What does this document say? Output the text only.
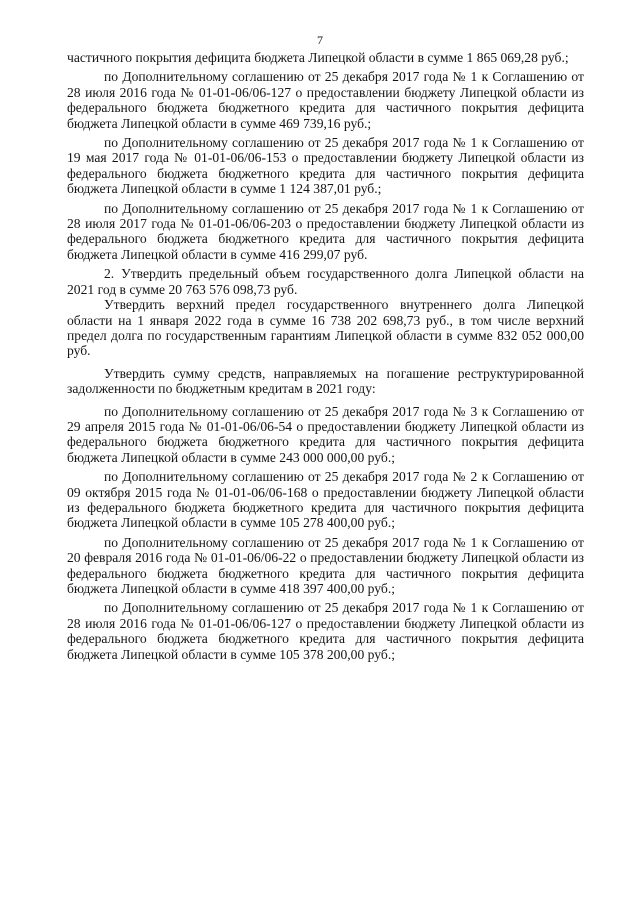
7

частичного покрытия дефицита бюджета Липецкой области в сумме 1 865 069,28 руб.;

по Дополнительному соглашению от 25 декабря 2017 года № 1 к Соглашению от 28 июля 2016 года № 01-01-06/06-127 о предоставлении бюджету Липецкой области из федерального бюджета бюджетного кредита для частичного покрытия дефицита бюджета Липецкой области в сумме 469 739,16 руб.;

по Дополнительному соглашению от 25 декабря 2017 года № 1 к Соглашению от 19 мая 2017 года № 01-01-06/06-153 о предоставлении бюджету Липецкой области из федерального бюджета бюджетного кредита для частичного покрытия дефицита бюджета Липецкой области в сумме 1 124 387,01 руб.;

по Дополнительному соглашению от 25 декабря 2017 года № 1 к Соглашению от 28 июля 2017 года № 01-01-06/06-203 о предоставлении бюджету Липецкой области из федерального бюджета бюджетного кредита для частичного покрытия дефицита бюджета Липецкой области в сумме 416 299,07 руб.

2. Утвердить предельный объем государственного долга Липецкой области на 2021 год в сумме 20 763 576 098,73 руб.

Утвердить верхний предел государственного внутреннего долга Липецкой области на 1 января 2022 года в сумме 16 738 202 698,73 руб., в том числе верхний предел долга по государственным гарантиям Липецкой области в сумме 832 052 000,00 руб.

Утвердить сумму средств, направляемых на погашение реструктурированной задолженности по бюджетным кредитам в 2021 году:

по Дополнительному соглашению от 25 декабря 2017 года № 3 к Соглашению от 29 апреля 2015 года № 01-01-06/06-54 о предоставлении бюджету Липецкой области из федерального бюджета бюджетного кредита для частичного покрытия дефицита бюджета Липецкой области в сумме 243 000 000,00 руб.;

по Дополнительному соглашению от 25 декабря 2017 года № 2 к Соглашению от 09 октября 2015 года № 01-01-06/06-168 о предоставлении бюджету Липецкой области из федерального бюджета бюджетного кредита для частичного покрытия дефицита бюджета Липецкой области в сумме 105 278 400,00 руб.;

по Дополнительному соглашению от 25 декабря 2017 года № 1 к Соглашению от 20 февраля 2016 года № 01-01-06/06-22 о предоставлении бюджету Липецкой области из федерального бюджета бюджетного кредита для частичного покрытия дефицита бюджета Липецкой области в сумме 418 397 400,00 руб.;

по Дополнительному соглашению от 25 декабря 2017 года № 1 к Соглашению от 28 июля 2016 года № 01-01-06/06-127 о предоставлении бюджету Липецкой области из федерального бюджета бюджетного кредита для частичного покрытия дефицита бюджета Липецкой области в сумме 105 378 200,00 руб.;
